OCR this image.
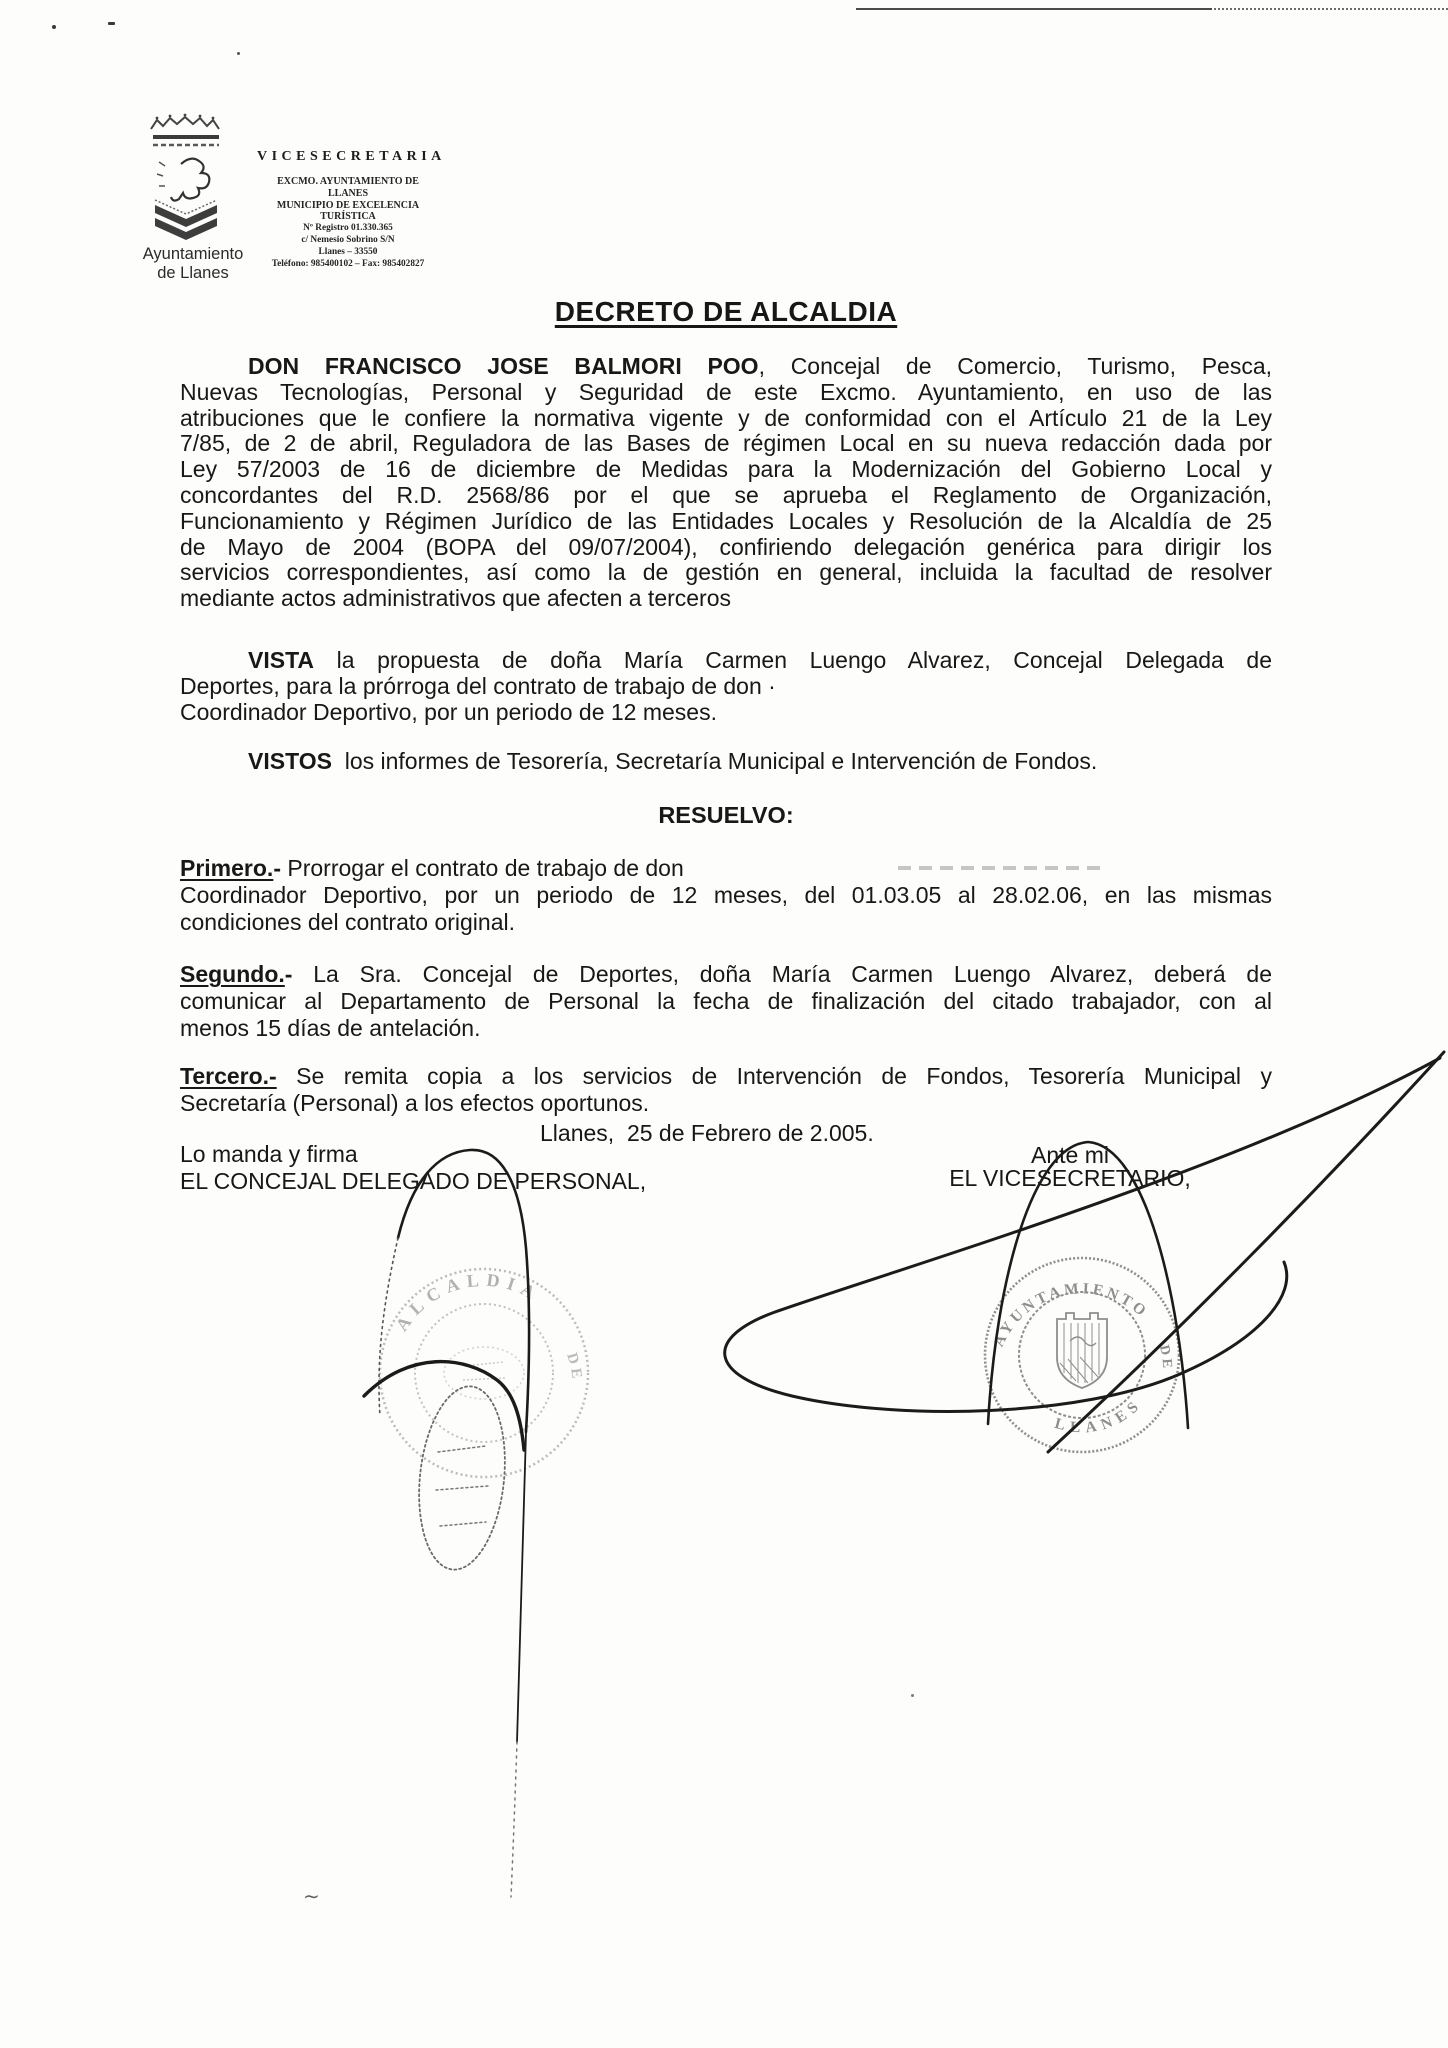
∼
Ayuntamiento
de Llanes
VICESECRETARIA
EXCMO. AYUNTAMIENTO DE
LLANES
MUNICIPIO DE EXCELENCIA
TURÍSTICA
Nº Registro 01.330.365
c/ Nemesio Sobrino S/N
Llanes – 33550
Teléfono: 985400102 – Fax: 985402827
DECRETO DE ALCALDIA
DON FRANCISCO JOSE BALMORI POO, Concejal de Comercio, Turismo, Pesca,
Nuevas Tecnologías, Personal y Seguridad de este Excmo. Ayuntamiento, en uso de las
atribuciones que le confiere la normativa vigente y de conformidad con el Artículo 21 de la Ley
7/85, de 2 de abril, Reguladora de las Bases de régimen Local en su nueva redacción dada por
Ley 57/2003 de 16 de diciembre de Medidas para la Modernización del Gobierno Local y
concordantes del R.D. 2568/86 por el que se aprueba el Reglamento de Organización,
Funcionamiento y Régimen Jurídico de las Entidades Locales y Resolución de la Alcaldía de 25
de Mayo de 2004 (BOPA del 09/07/2004), confiriendo delegación genérica para dirigir los
servicios correspondientes, así como la de gestión en general, incluida la facultad de resolver
mediante actos administrativos que afecten a terceros
VISTA la propuesta de doña María Carmen Luengo Alvarez, Concejal Delegada de
Deportes, para la prórroga del contrato de trabajo de don ·
Coordinador Deportivo, por un periodo de 12 meses.
VISTOS  los informes de Tesorería, Secretaría Municipal e Intervención de Fondos.
RESUELVO:
Primero.- Prorrogar el contrato de trabajo de don
Coordinador Deportivo, por un periodo de 12 meses, del 01.03.05 al 28.02.06, en las mismas
condiciones del contrato original.
Segundo.- La Sra. Concejal de Deportes, doña María Carmen Luengo Alvarez, deberá de
comunicar al Departamento de Personal la fecha de finalización del citado trabajador, con al
menos 15 días de antelación.
Tercero.- Se remita copia a los servicios de Intervención de Fondos, Tesorería Municipal y
Secretaría (Personal) a los efectos oportunos.
Llanes,  25 de Febrero de 2.005.
Lo manda y firma
EL CONCEJAL DELEGADO DE PERSONAL,
Ante mi
EL VICESECRETARIO,
ALCALDIA
DE
AYUNTAMIENTO
DE
LLANES
